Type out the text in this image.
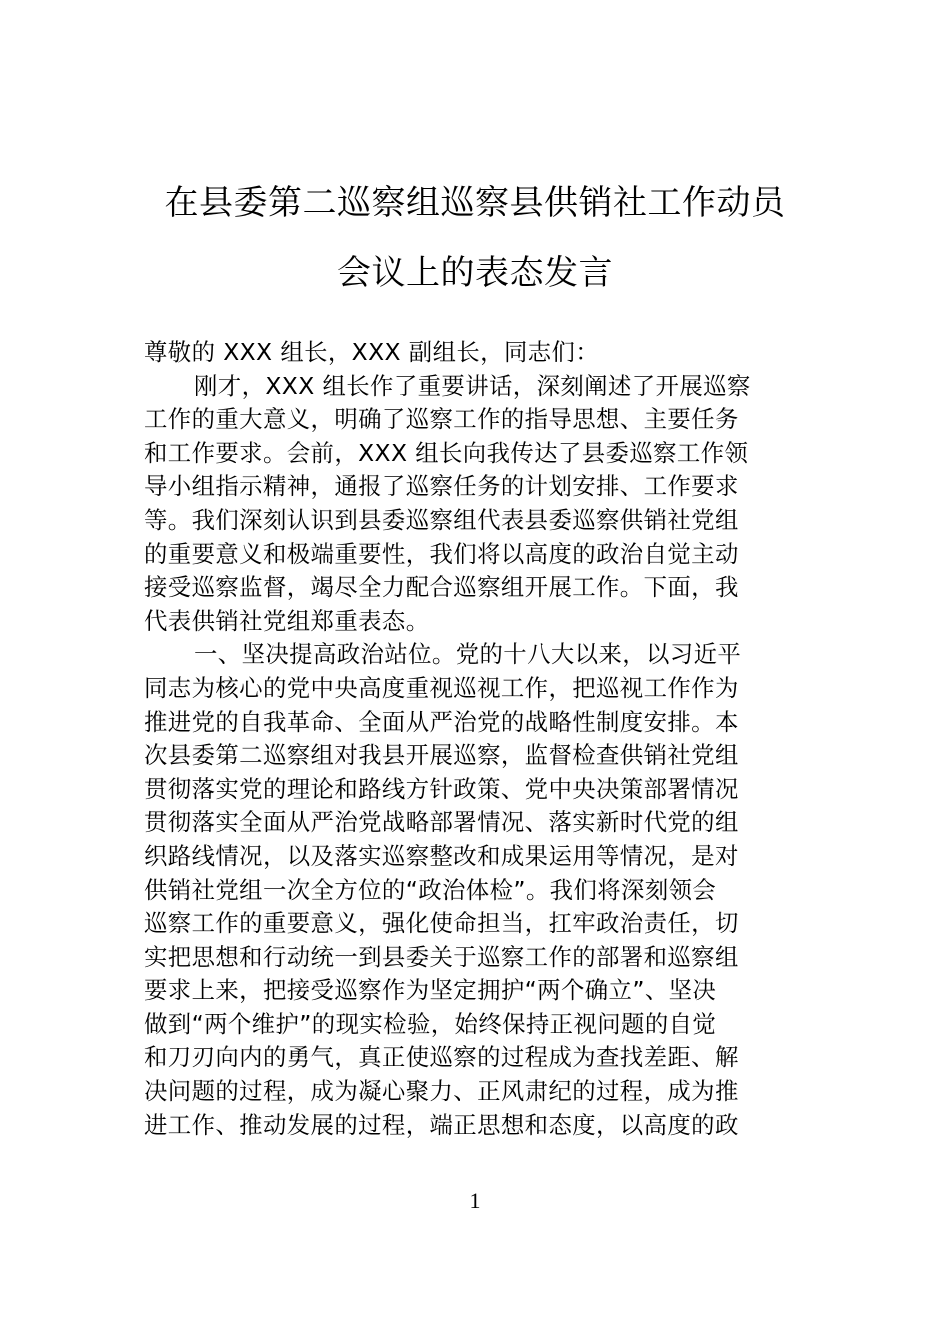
在县委第二巡察组巡察县供销社工作动员
会议上的表态发言
尊敬的 XXX 组长，XXX 副组长，同志们：
刚才，XXX 组长作了重要讲话，深刻阐述了开展巡察
工作的重大意义，明确了巡察工作的指导思想、主要任务
和工作要求。会前，XXX 组长向我传达了县委巡察工作领
导小组指示精神，通报了巡察任务的计划安排、工作要求
等。我们深刻认识到县委巡察组代表县委巡察供销社党组
的重要意义和极端重要性，我们将以高度的政治自觉主动
接受巡察监督，竭尽全力配合巡察组开展工作。下面，我
代表供销社党组郑重表态。
一、坚决提高政治站位。党的十八大以来，以习近平
同志为核心的党中央高度重视巡视工作，把巡视工作作为
推进党的自我革命、全面从严治党的战略性制度安排。本
次县委第二巡察组对我县开展巡察，监督检查供销社党组
贯彻落实党的理论和路线方针政策、党中央决策部署情况
贯彻落实全面从严治党战略部署情况、落实新时代党的组
织路线情况，以及落实巡察整改和成果运用等情况，是对
供销社党组一次全方位的“政治体检”。我们将深刻领会
巡察工作的重要意义，强化使命担当，扛牢政治责任，切
实把思想和行动统一到县委关于巡察工作的部署和巡察组
要求上来，把接受巡察作为坚定拥护“两个确立”、坚决
做到“两个维护”的现实检验，始终保持正视问题的自觉
和刀刃向内的勇气，真正使巡察的过程成为查找差距、解
决问题的过程，成为凝心聚力、正风肃纪的过程，成为推
进工作、推动发展的过程，端正思想和态度，以高度的政
1
